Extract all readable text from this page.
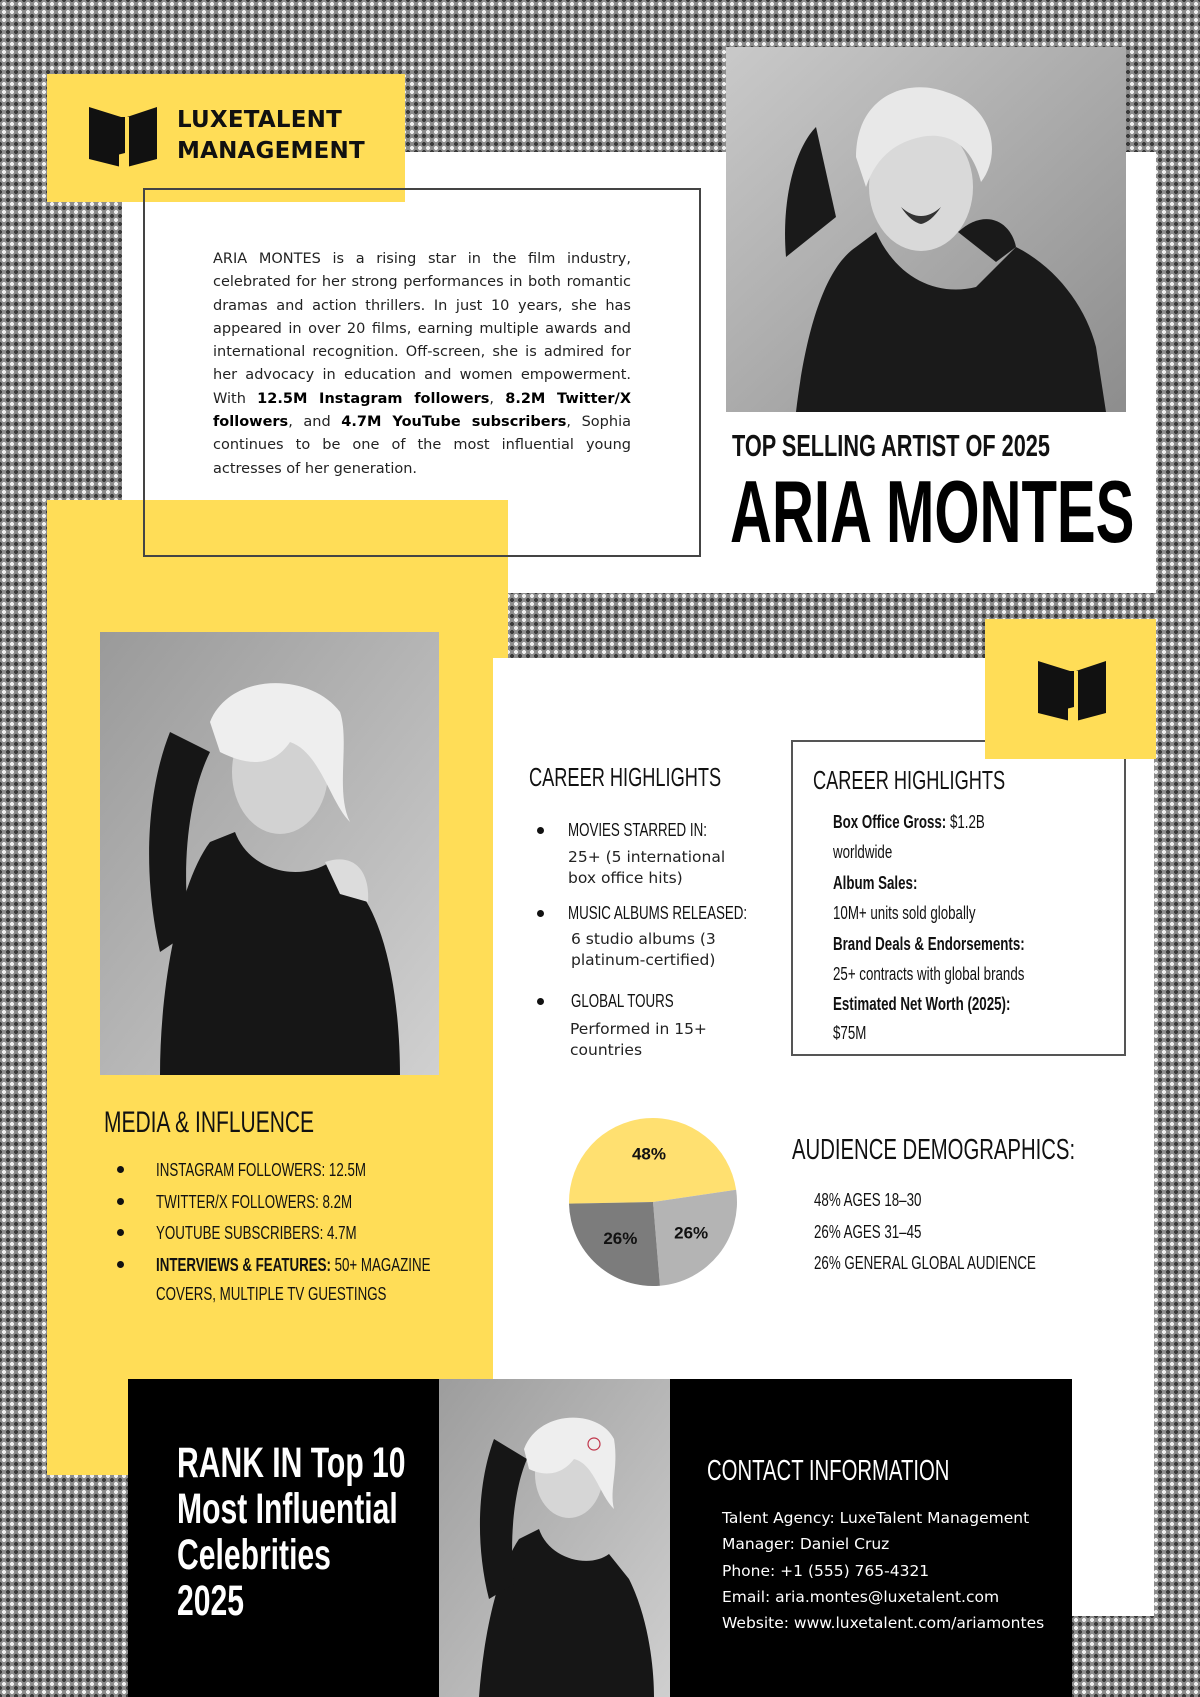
LUXETALENT
MANAGEMENT
ARIA MONTES is a rising star in the film industry, celebrated for her strong performances in both romantic dramas and action thrillers. In just 10 years, she has appeared in over 20 films, earning multiple awards and international recognition. Off-screen, she is admired for her advocacy in education and women empowerment. With 12.5M Instagram followers, 8.2M Twitter/X followers, and 4.7M YouTube subscribers, Sophia continues to be one of the most influential young actresses of her generation.
TOP SELLING ARTIST OF 2025
ARIA MONTES
MEDIA & INFLUENCE
INSTAGRAM FOLLOWERS: 12.5M
TWITTER/X FOLLOWERS: 8.2M
YOUTUBE SUBSCRIBERS: 4.7M
INTERVIEWS & FEATURES: 50+ MAGAZINE
COVERS, MULTIPLE TV GUESTINGS
CAREER HIGHLIGHTS
MOVIES STARRED IN:
25+ (5 international
box office hits)
MUSIC ALBUMS RELEASED:
6 studio albums (3
platinum-certified)
GLOBAL TOURS
Performed in 15+
countries
CAREER HIGHLIGHTS
Box Office Gross: $1.2B
worldwide
Album Sales:
10M+ units sold globally
Brand Deals & Endorsements:
25+ contracts with global brands
Estimated Net Worth (2025):
$75M
48%
26%
26%
AUDIENCE DEMOGRAPHICS:
48% AGES 18–30
26% AGES 31–45
26% GENERAL GLOBAL AUDIENCE
RANK IN Top 10
Most Influential
Celebrities
2025
CONTACT INFORMATION
Talent Agency: LuxeTalent Management
Manager: Daniel Cruz
Phone: +1 (555) 765-4321
Email: aria.montes@luxetalent.com
Website: www.luxetalent.com/ariamontes
